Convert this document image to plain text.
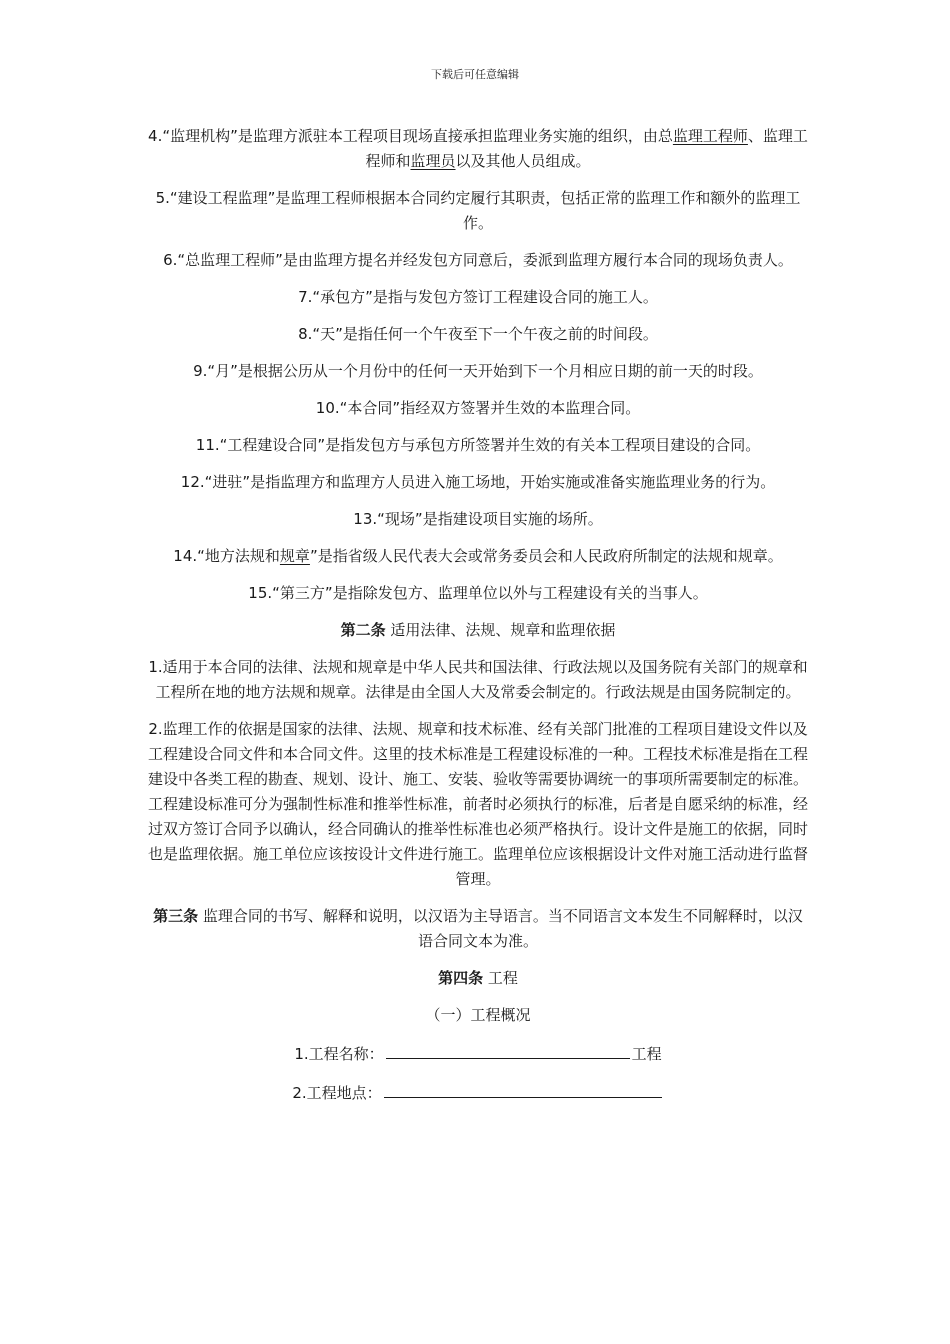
下载后可任意编辑

4.“监理机构”是监理方派驻本工程项目现场直接承担监理业务实施的组织，由总监理工程师、监理工程师和监理员以及其他人员组成。

5.“建设工程监理”是监理工程师根据本合同约定履行其职责，包括正常的监理工作和额外的监理工作。

6.“总监理工程师”是由监理方提名并经发包方同意后，委派到监理方履行本合同的现场负责人。

7.“承包方”是指与发包方签订工程建设合同的施工人。

8.“天”是指任何一个午夜至下一个午夜之前的时间段。

9.“月”是根据公历从一个月份中的任何一天开始到下一个月相应日期的前一天的时段。

10.“本合同”指经双方签署并生效的本监理合同。

11.“工程建设合同”是指发包方与承包方所签署并生效的有关本工程项目建设的合同。

12.“进驻”是指监理方和监理方人员进入施工场地，开始实施或准备实施监理业务的行为。

13.“现场”是指建设项目实施的场所。

14.“地方法规和规章”是指省级人民代表大会或常务委员会和人民政府所制定的法规和规章。

15.“第三方”是指除发包方、监理单位以外与工程建设有关的当事人。

第二条 适用法律、法规、规章和监理依据

1.适用于本合同的法律、法规和规章是中华人民共和国法律、行政法规以及国务院有关部门的规章和工程所在地的地方法规和规章。法律是由全国人大及常委会制定的。行政法规是由国务院制定的。

2.监理工作的依据是国家的法律、法规、规章和技术标准、经有关部门批准的工程项目建设文件以及工程建设合同文件和本合同文件。这里的技术标准是工程建设标准的一种。工程技术标准是指在工程建设中各类工程的勘查、规划、设计、施工、安装、验收等需要协调统一的事项所需要制定的标准。工程建设标准可分为强制性标准和推举性标准，前者时必须执行的标准，后者是自愿采纳的标准，经过双方签订合同予以确认，经合同确认的推举性标准也必须严格执行。设计文件是施工的依据，同时也是监理依据。施工单位应该按设计文件进行施工。监理单位应该根据设计文件对施工活动进行监督管理。

第三条 监理合同的书写、解释和说明，以汉语为主导语言。当不同语言文本发生不同解释时，以汉语合同文本为准。

第四条 工程

（一）工程概况

1.工程名称：	工程

2.工程地点：
